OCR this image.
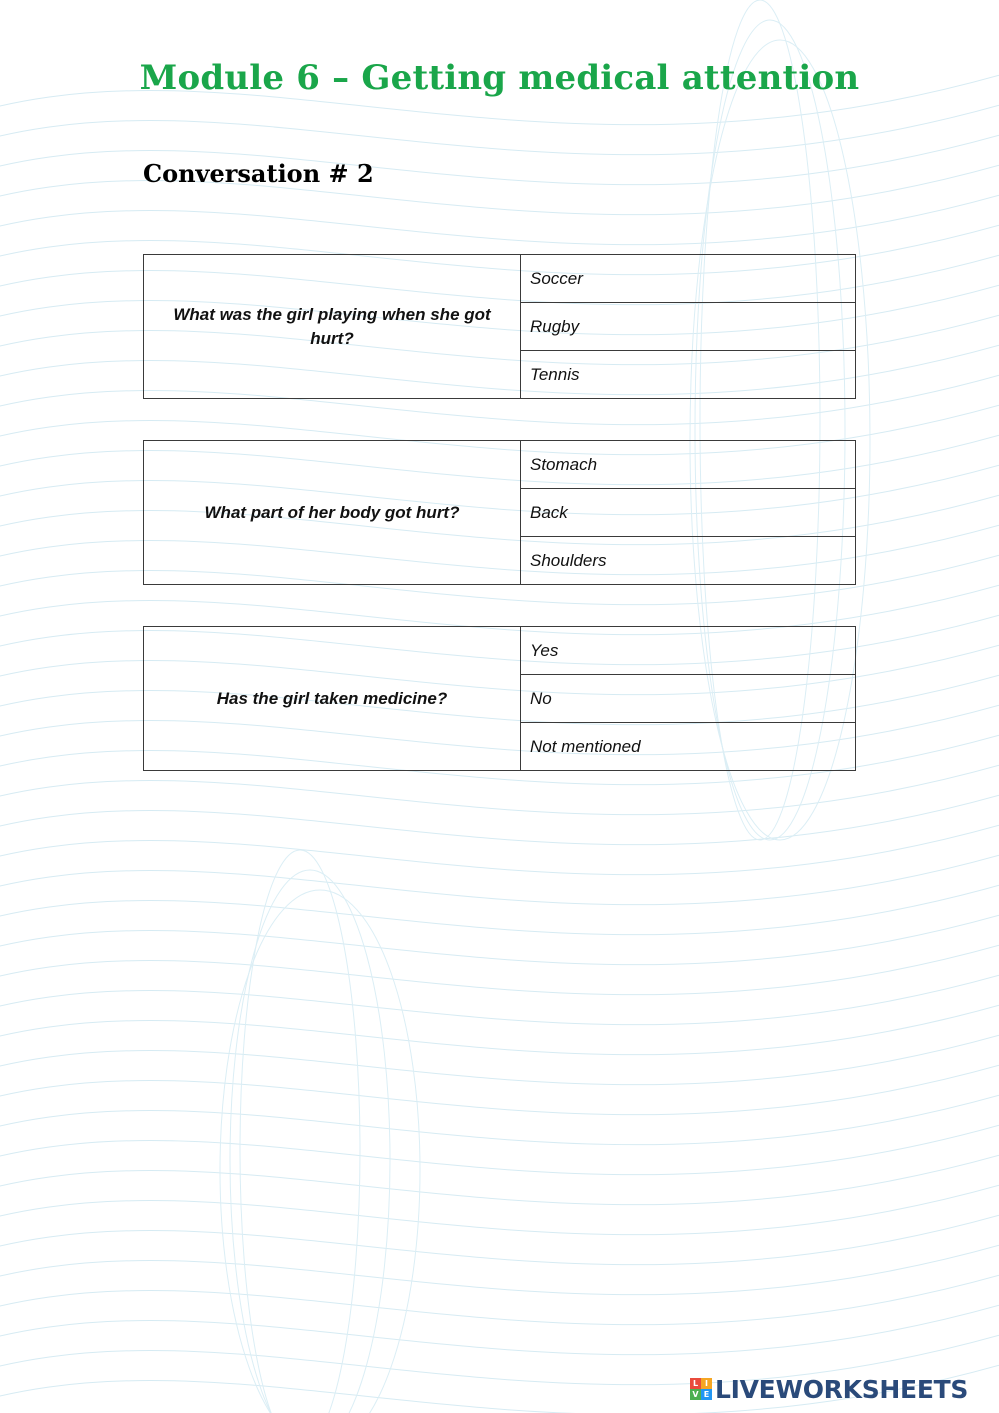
Module 6 – Getting medical attention
Conversation # 2
What was the girl playing when she got hurt?	Soccer
Rugby
Tennis
What part of her body got hurt?	Stomach
Back
Shoulders
Has the girl taken medicine?	Yes
No
Not mentioned
L I
V E LIVEWORKSHEETS
